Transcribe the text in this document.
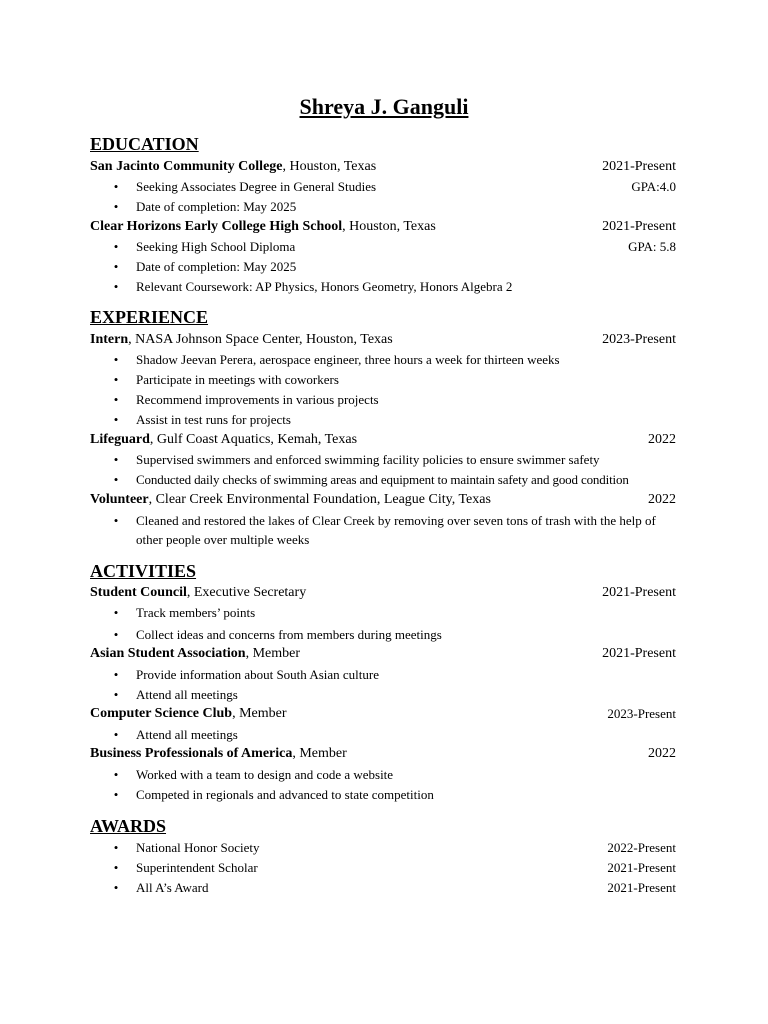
Shreya J. Ganguli
EDUCATION
San Jacinto Community College, Houston, Texas	2021-Present
•	Seeking Associates Degree in General Studies	GPA:4.0
•	Date of completion: May 2025
Clear Horizons Early College High School, Houston, Texas	2021-Present
•	Seeking High School Diploma	GPA: 5.8
•	Date of completion: May 2025
•	Relevant Coursework: AP Physics, Honors Geometry, Honors Algebra 2
EXPERIENCE
Intern, NASA Johnson Space Center, Houston, Texas	2023-Present
•	Shadow Jeevan Perera, aerospace engineer, three hours a week for thirteen weeks
•	Participate in meetings with coworkers
•	Recommend improvements in various projects
•	Assist in test runs for projects
Lifeguard, Gulf Coast Aquatics, Kemah, Texas	2022
•	Supervised swimmers and enforced swimming facility policies to ensure swimmer safety
•	Conducted daily checks of swimming areas and equipment to maintain safety and good condition
Volunteer, Clear Creek Environmental Foundation, League City, Texas	2022
•	Cleaned and restored the lakes of Clear Creek by removing over seven tons of trash with the help of other people over multiple weeks
ACTIVITIES
Student Council, Executive Secretary	2021-Present
•	Track members’ points
•	Collect ideas and concerns from members during meetings
Asian Student Association, Member	2021-Present
•	Provide information about South Asian culture
•	Attend all meetings
Computer Science Club, Member	2023-Present
•	Attend all meetings
Business Professionals of America, Member	2022
•	Worked with a team to design and code a website
•	Competed in regionals and advanced to state competition
AWARDS
•	National Honor Society	2022-Present
•	Superintendent Scholar	2021-Present
•	All A’s Award	2021-Present
